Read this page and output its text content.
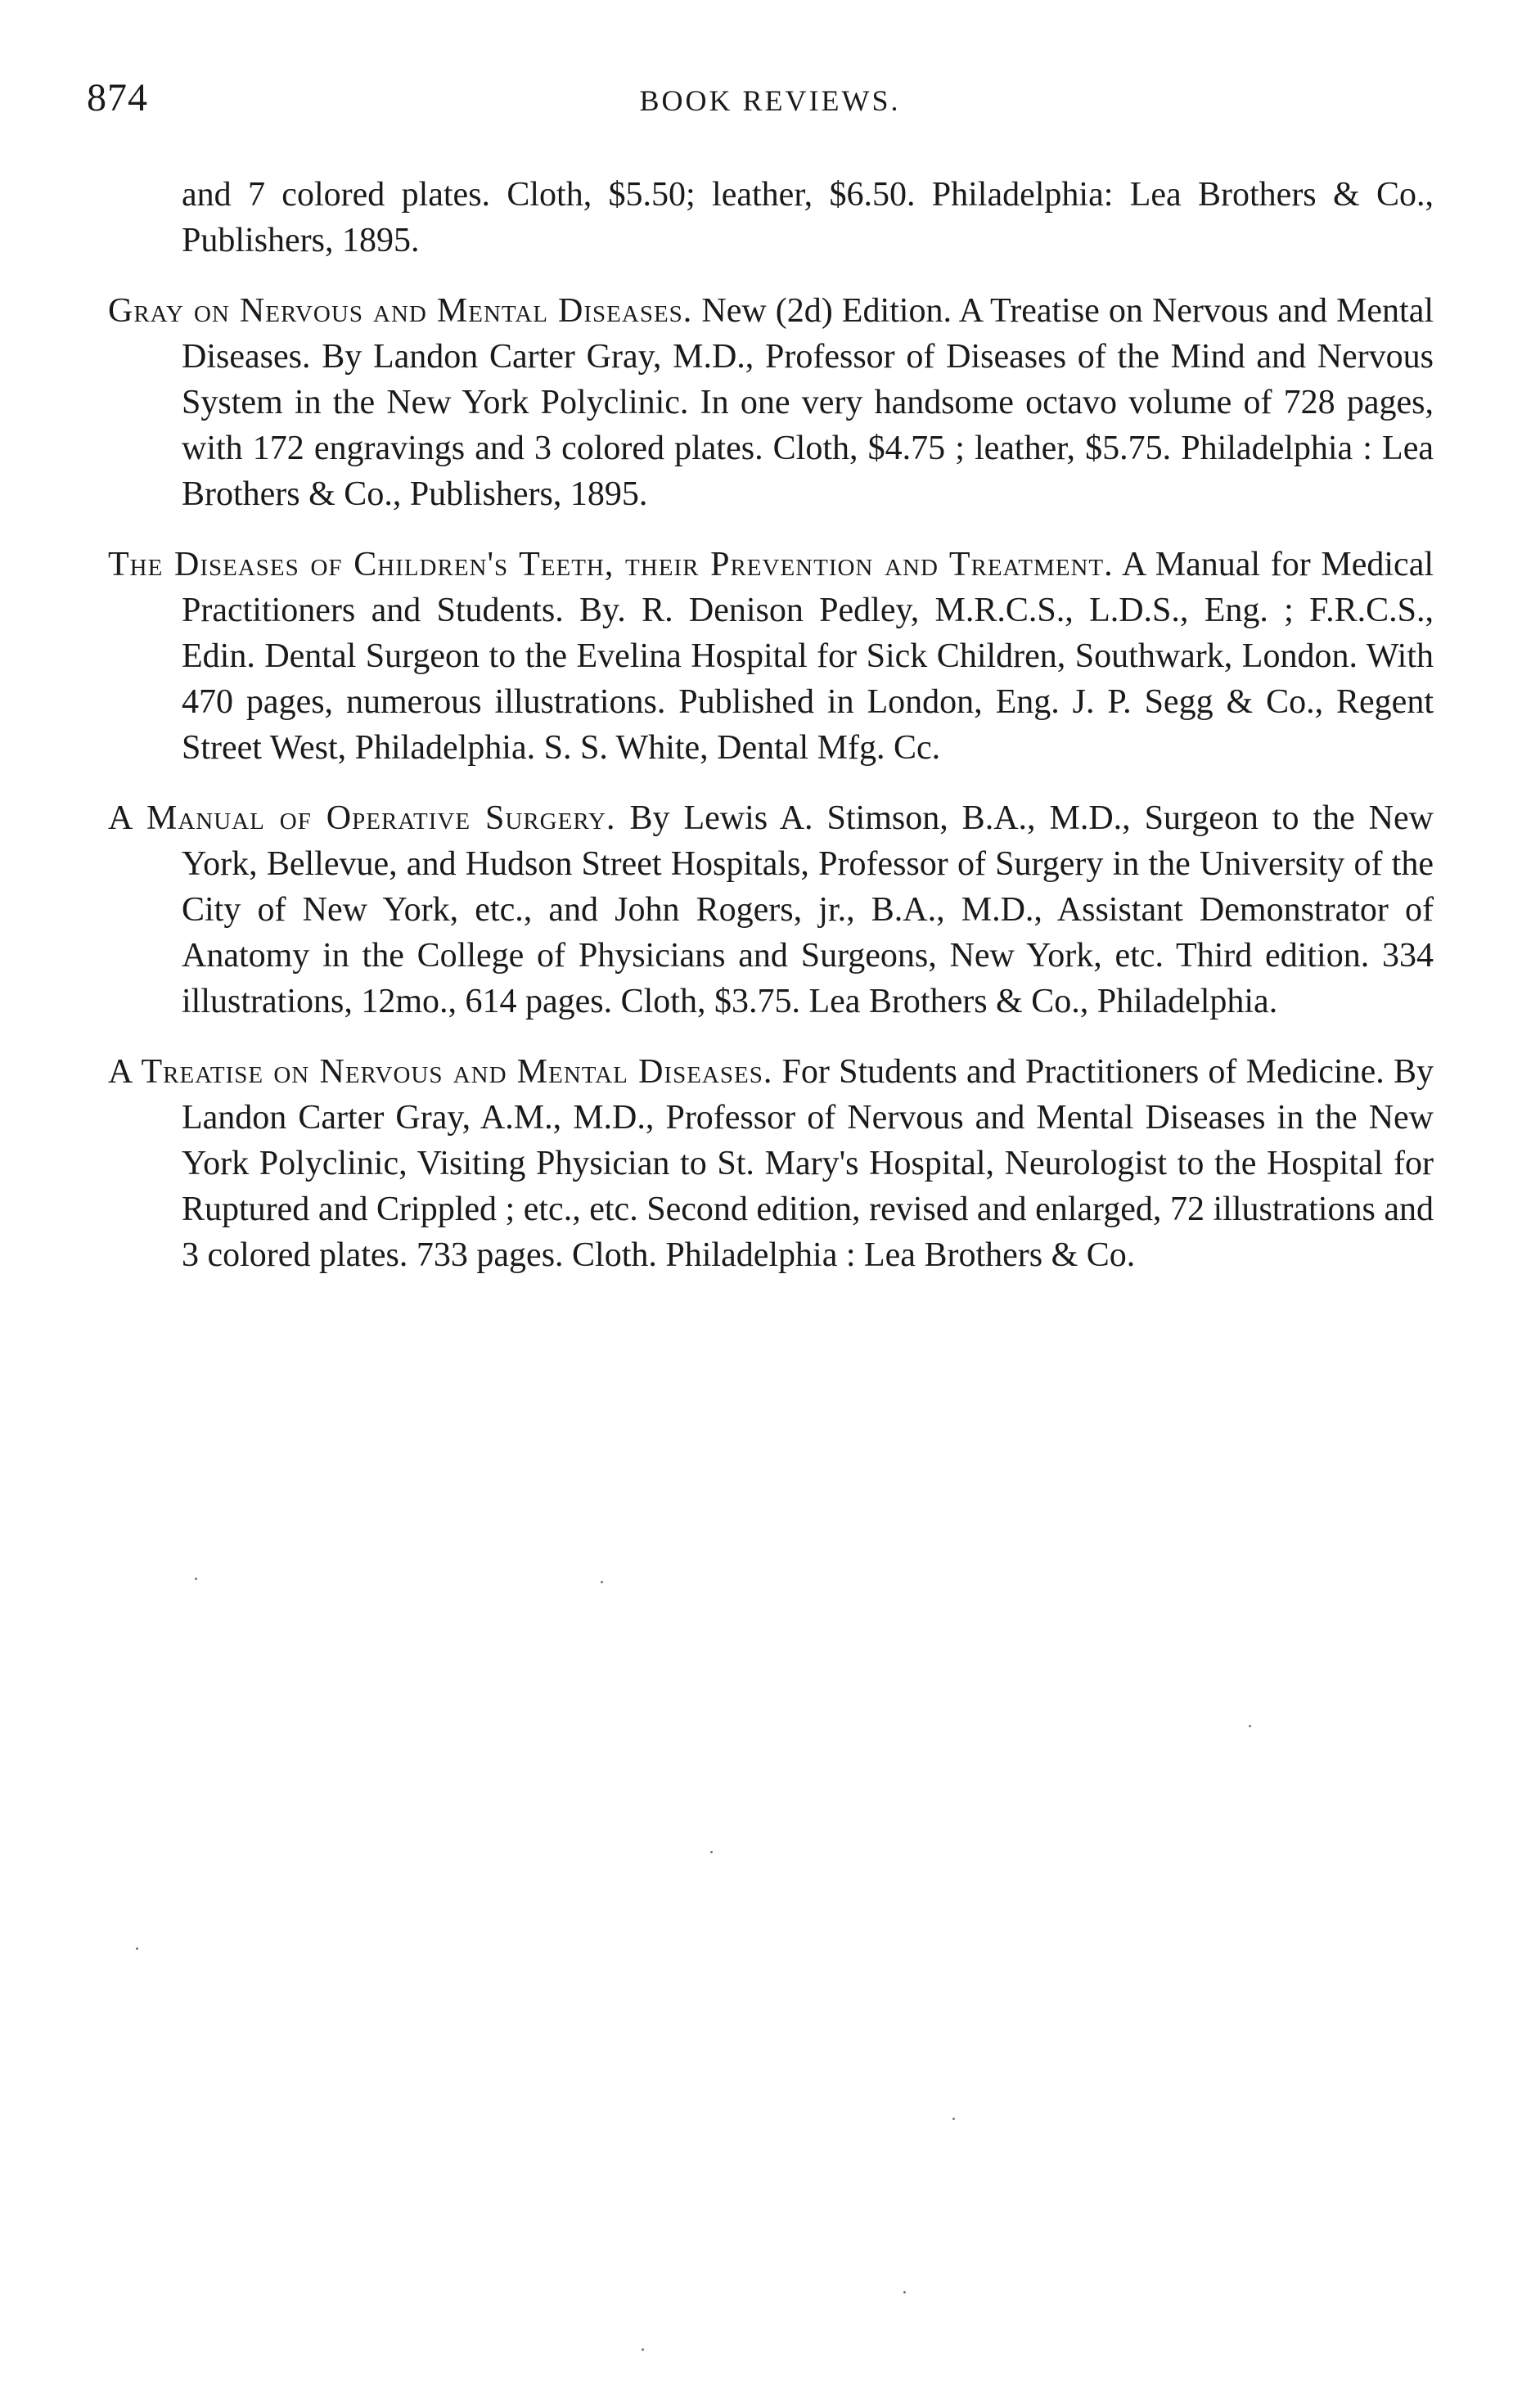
874	BOOK REVIEWS.

and 7 colored plates. Cloth, $5.50; leather, $6.50. Philadelphia: Lea Brothers & Co., Publishers, 1895.

Gray on Nervous and Mental Diseases. New (2d) Edition. A Treatise on Nervous and Mental Diseases. By Landon Carter Gray, M.D., Professor of Diseases of the Mind and Nervous System in the New York Polyclinic. In one very handsome octavo volume of 728 pages, with 172 engravings and 3 colored plates. Cloth, $4.75 ; leather, $5.75. Philadelphia : Lea Brothers & Co., Publishers, 1895.

The Diseases of Children's Teeth, their Prevention and Treatment. A Manual for Medical Practitioners and Students. By. R. Denison Pedley, M.R.C.S., L.D.S., Eng. ; F.R.C.S., Edin. Dental Surgeon to the Evelina Hospital for Sick Children, Southwark, London. With 470 pages, numerous illustrations. Published in London, Eng. J. P. Segg & Co., Regent Street West, Philadelphia. S. S. White, Dental Mfg. Cc.

A Manual of Operative Surgery. By Lewis A. Stimson, B.A., M.D., Surgeon to the New York, Bellevue, and Hudson Street Hospitals, Professor of Surgery in the University of the City of New York, etc., and John Rogers, jr., B.A., M.D., Assistant Demonstrator of Anatomy in the College of Physicians and Surgeons, New York, etc. Third edition. 334 illustrations, 12mo., 614 pages. Cloth, $3.75. Lea Brothers & Co., Philadelphia.

A Treatise on Nervous and Mental Diseases. For Students and Practitioners of Medicine. By Landon Carter Gray, A.M., M.D., Professor of Nervous and Mental Diseases in the New York Polyclinic, Visiting Physician to St. Mary's Hospital, Neurologist to the Hospital for Ruptured and Crippled ; etc., etc. Second edition, revised and enlarged, 72 illustrations and 3 colored plates. 733 pages. Cloth. Philadelphia : Lea Brothers & Co.
